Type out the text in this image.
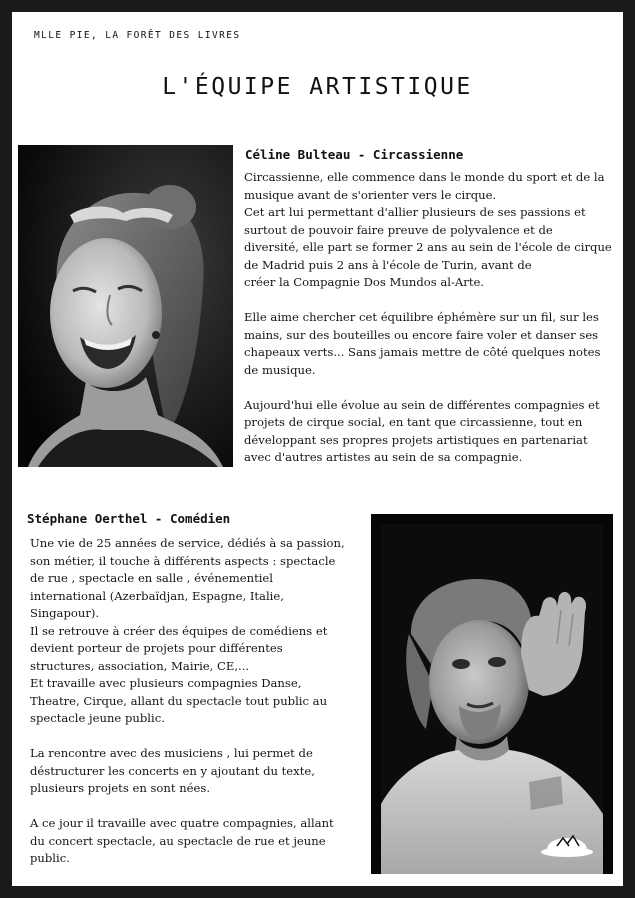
MLLE PIE, LA FORÊT DES LIVRES
L'ÉQUIPE ARTISTIQUE
Céline Bulteau - Circassienne

Circassienne, elle commence dans le monde du sport et de la
musique avant de s'orienter vers le cirque.
Cet art lui permettant d'allier plusieurs de ses passions et
surtout de pouvoir faire preuve de polyvalence et de
diversité, elle part se former 2 ans au sein de l'école de cirque
de Madrid puis 2 ans à l'école de Turin, avant de
créer la Compagnie Dos Mundos al-Arte.

Elle aime chercher cet équilibre éphémère sur un fil, sur les
mains, sur des bouteilles ou encore faire voler et danser ses
chapeaux verts... Sans jamais mettre de côté quelques notes
de musique.

Aujourd'hui elle évolue au sein de différentes compagnies et
projets de cirque social, en tant que circassienne, tout en
développant ses propres projets artistiques en partenariat
avec d'autres artistes au sein de sa compagnie.

Stéphane Oerthel - Comédien

Une vie de 25 années de service, dédiés à sa passion,
son métier, il touche à différents aspects : spectacle
de rue , spectacle en salle , événementiel
international (Azerbaïdjan, Espagne, Italie,
Singapour).
Il se retrouve à créer des équipes de comédiens et
devient porteur de projets pour différentes
structures, association, Mairie, CE,...
Et travaille avec plusieurs compagnies Danse,
Theatre, Cirque, allant du spectacle tout public au
spectacle jeune public.

La rencontre avec des musiciens , lui permet de
déstructurer les concerts en y ajoutant du texte,
plusieurs projets en sont nées.

A ce jour il travaille avec quatre compagnies, allant
du concert spectacle, au spectacle de rue et jeune
public.
